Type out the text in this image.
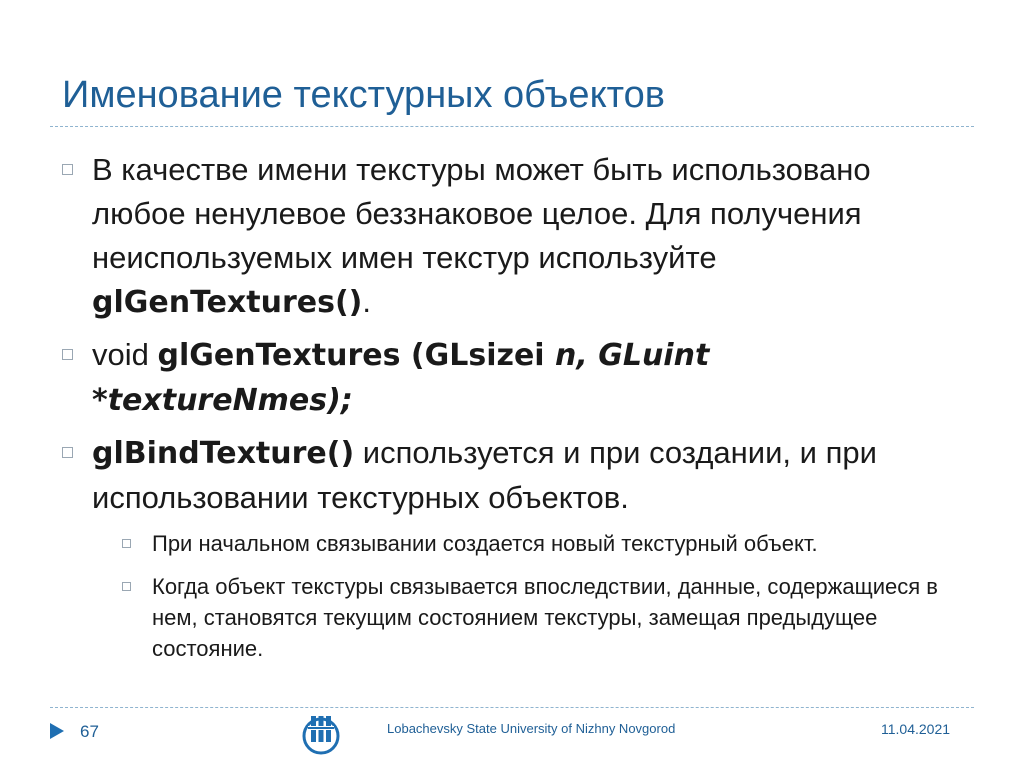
Именование текстурных объектов

В качестве имени текстуры может быть использовано любое ненулевое беззнаковое целое. Для получения неиспользуемых имен текстур используйте glGenTextures().

void glGenTextures (GLsizei n, GLuint *textureNmes);

glBindTexture() используется и при создании, и при использовании текстурных объектов.

При начальном связывании создается новый текстурный объект.
Когда объект текстуры связывается впоследствии, данные, содержащиеся в нем, становятся текущим состоянием текстуры, замещая предыдущее состояние.
67	Lobachevsky State University of Nizhny Novgorod	11.04.2021
